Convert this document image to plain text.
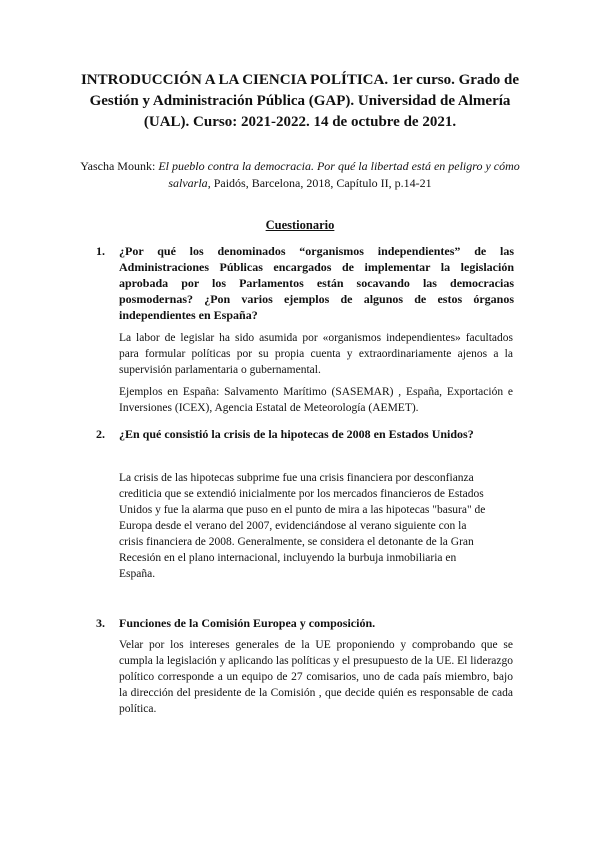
INTRODUCCIÓN A LA CIENCIA POLÍTICA. 1er curso. Grado de Gestión y Administración Pública (GAP). Universidad de Almería (UAL). Curso: 2021-2022. 14 de octubre de 2021.
Yascha Mounk: El pueblo contra la democracia. Por qué la libertad está en peligro y cómo salvarla, Paidós, Barcelona, 2018, Capítulo II, p.14-21
Cuestionario
1.	¿Por qué los denominados “organismos independientes” de las Administraciones Públicas encargados de implementar la legislación aprobada por los Parlamentos están socavando las democracias posmodernas? ¿Pon varios ejemplos de algunos de estos órganos independientes en España?
La labor de legislar ha sido asumida por «organismos independientes» facultados para formular políticas por su propia cuenta y extraordinariamente ajenos a la supervisión parlamentaria o gubernamental.
Ejemplos en España: Salvamento Marítimo (SASEMAR) , España, Exportación e Inversiones (ICEX), Agencia Estatal de Meteorología (AEMET).
2.	¿En qué consistió la crisis de la hipotecas de 2008 en Estados Unidos?
La crisis de las hipotecas subprime fue una crisis financiera por desconfianza
crediticia que se extendió inicialmente por los mercados financieros de Estados
Unidos y fue la alarma que puso en el punto de mira a las hipotecas "basura" de
Europa desde el verano del 2007, evidenciándose al verano siguiente con la
crisis financiera de 2008. Generalmente, se considera el detonante de la Gran
Recesión en el plano internacional, incluyendo la burbuja inmobiliaria en
España.
3.	Funciones de la Comisión Europea y composición.
Velar por los intereses generales de la UE proponiendo y comprobando que se cumpla la legislación y aplicando las políticas y el presupuesto de la UE. El liderazgo político corresponde a un equipo de 27 comisarios, uno de cada país miembro, bajo la dirección del presidente de la Comisión , que decide quién es responsable de cada política.
